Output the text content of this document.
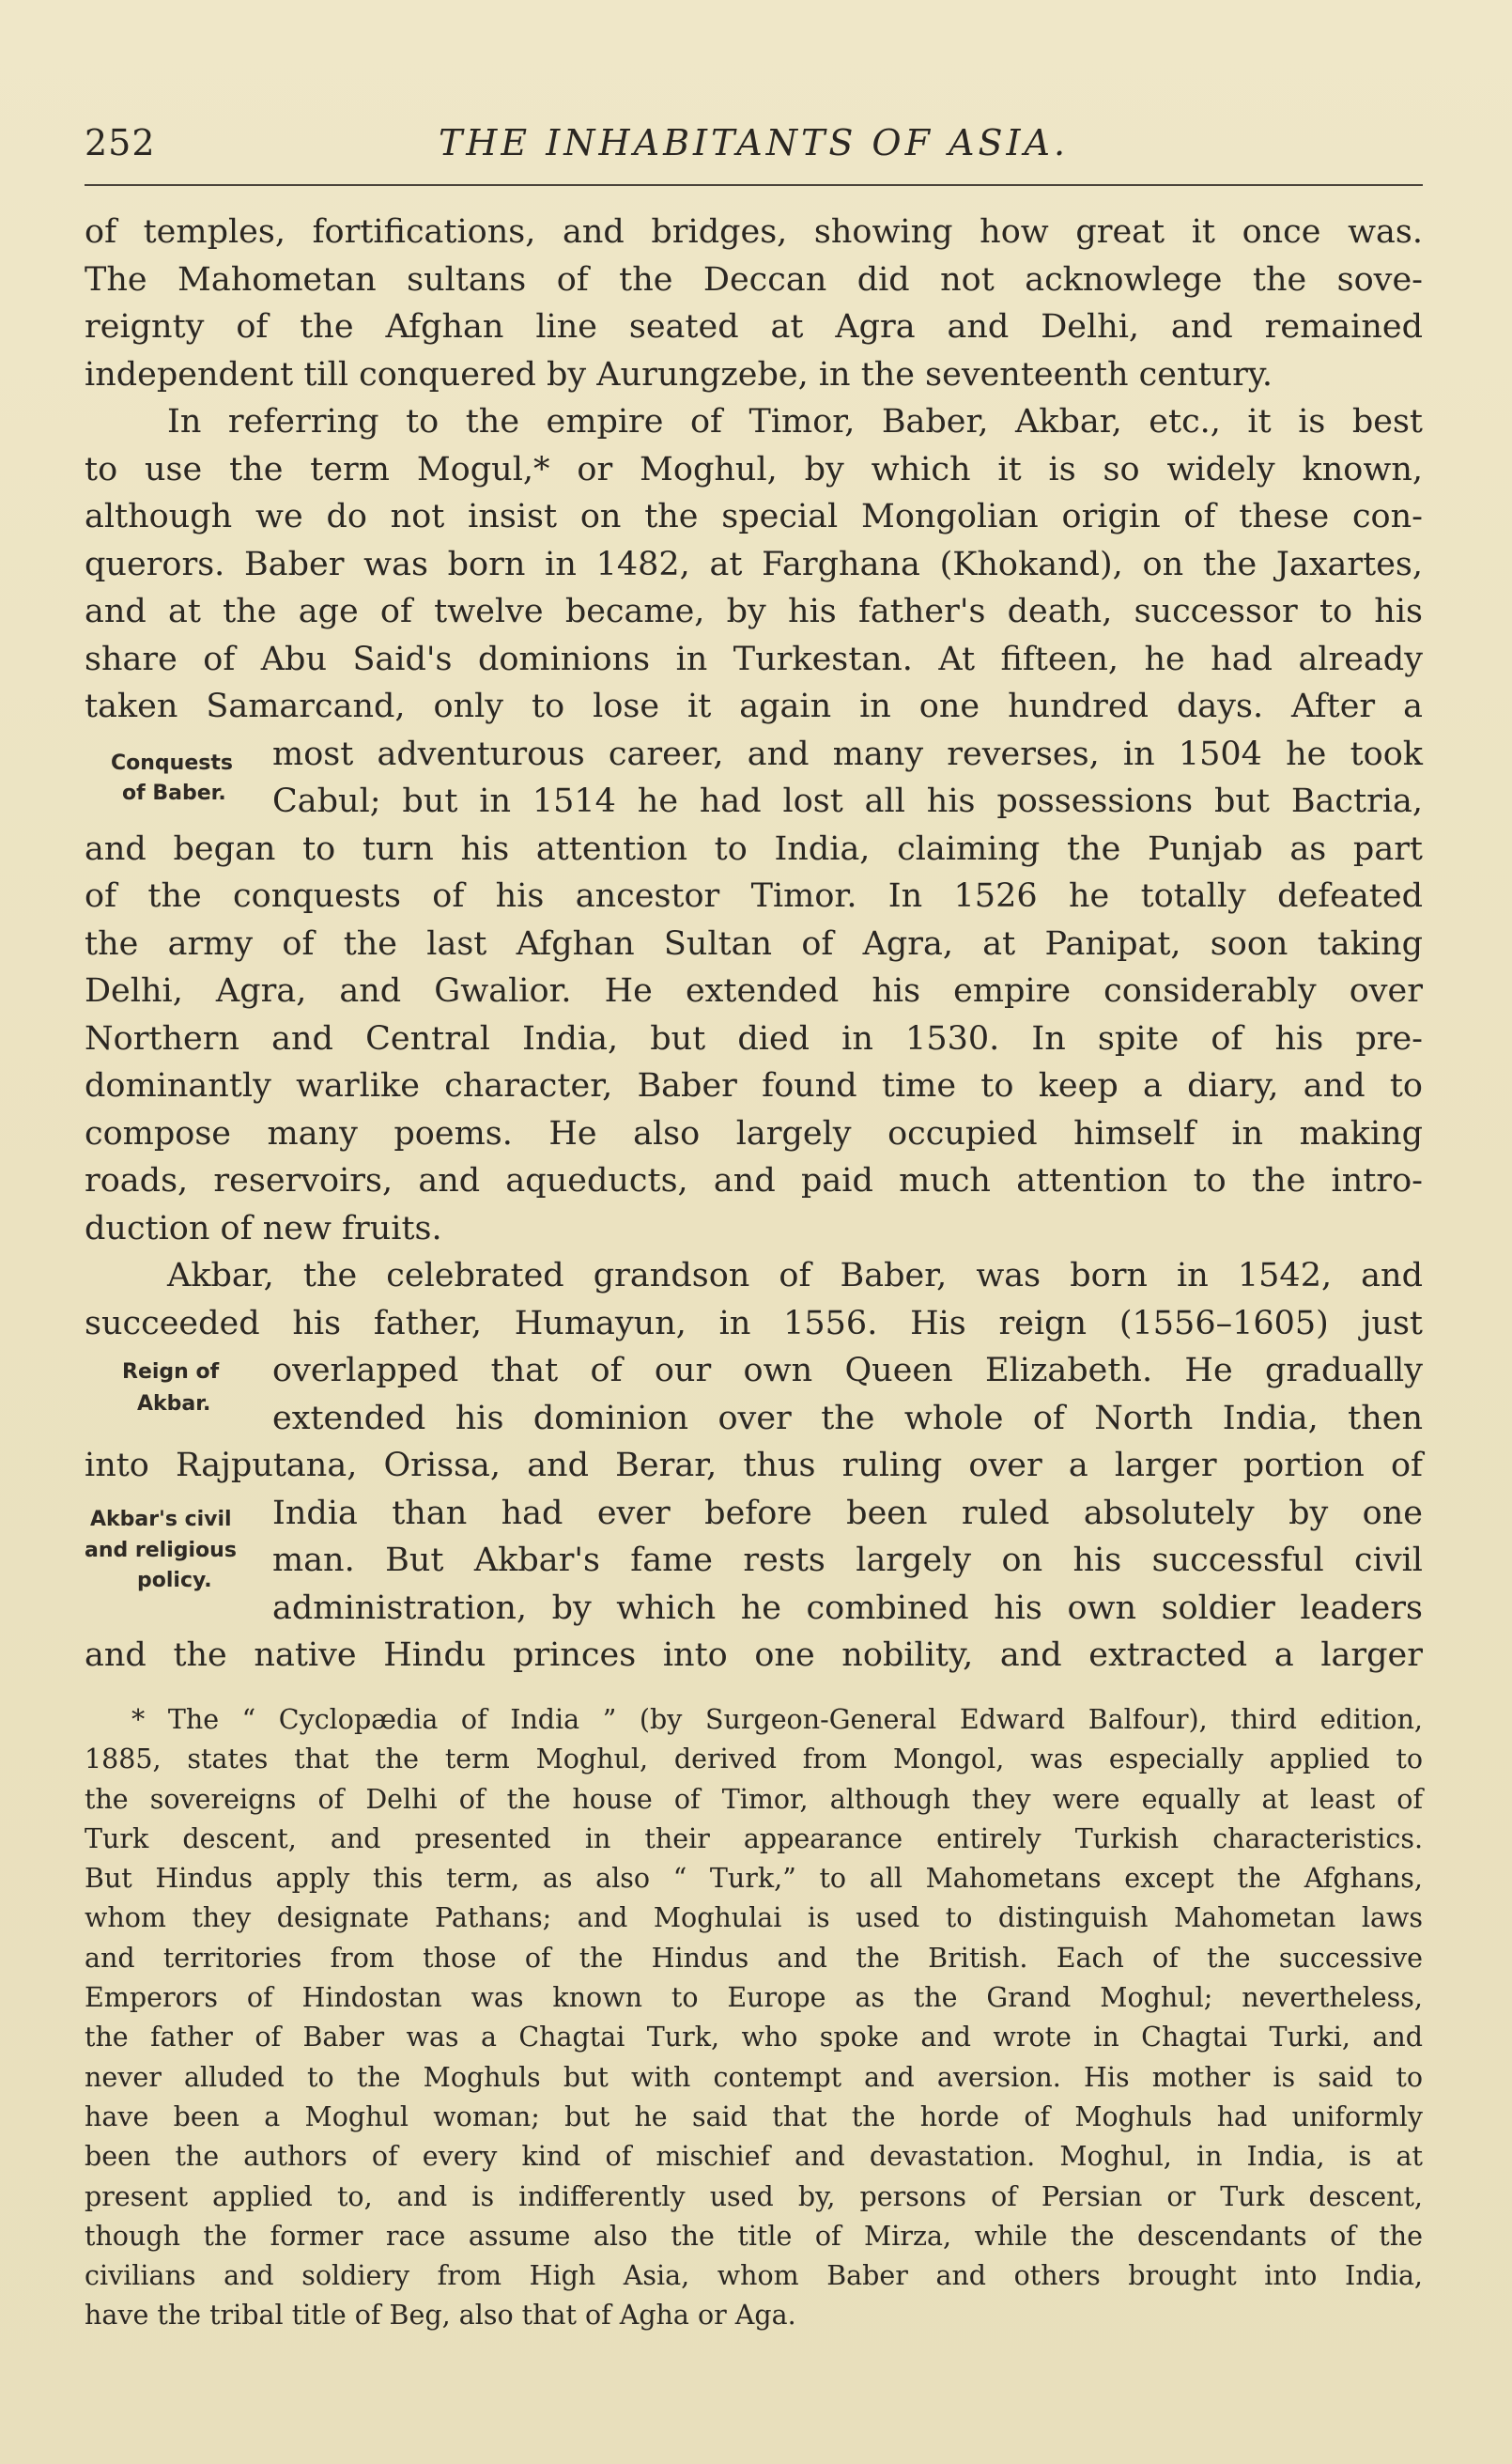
252	THE INHABITANTS OF ASIA.
of temples, fortifications, and bridges, showing how great it once was.
The Mahometan sultans of the Deccan did not acknowlege the sove-
reignty of the Afghan line seated at Agra and Delhi, and remained
independent till conquered by Aurungzebe, in the seventeenth century.
In referring to the empire of Timor, Baber, Akbar, etc., it is best
to use the term Mogul,* or Moghul, by which it is so widely known,
although we do not insist on the special Mongolian origin of these con-
querors. Baber was born in 1482, at Farghana (Khokand), on the Jaxartes,
and at the age of twelve became, by his father's death, successor to his
share of Abu Said's dominions in Turkestan. At fifteen, he had already
taken Samarcand, only to lose it again in one hundred days. After a
most adventurous career, and many reverses, in 1504 he took
Cabul; but in 1514 he had lost all his possessions but Bactria,
and began to turn his attention to India, claiming the Punjab as part
of the conquests of his ancestor Timor. In 1526 he totally defeated
the army of the last Afghan Sultan of Agra, at Panipat, soon taking
Delhi, Agra, and Gwalior. He extended his empire considerably over
Northern and Central India, but died in 1530. In spite of his pre-
dominantly warlike character, Baber found time to keep a diary, and to
compose many poems. He also largely occupied himself in making
roads, reservoirs, and aqueducts, and paid much attention to the intro-
duction of new fruits.
Akbar, the celebrated grandson of Baber, was born in 1542, and
succeeded his father, Humayun, in 1556. His reign (1556–1605) just
overlapped that of our own Queen Elizabeth. He gradually
extended his dominion over the whole of North India, then
into Rajputana, Orissa, and Berar, thus ruling over a larger portion of
India than had ever before been ruled absolutely by one
man. But Akbar's fame rests largely on his successful civil
administration, by which he combined his own soldier leaders
and the native Hindu princes into one nobility, and extracted a larger
Conquests
of Baber.
Reign of
Akbar.
Akbar's civil
and religious
policy.
* The “ Cyclopædia of India ” (by Surgeon-General Edward Balfour), third edition,
1885, states that the term Moghul, derived from Mongol, was especially applied to
the sovereigns of Delhi of the house of Timor, although they were equally at least of
Turk descent, and presented in their appearance entirely Turkish characteristics.
But Hindus apply this term, as also “ Turk,” to all Mahometans except the Afghans,
whom they designate Pathans; and Moghulai is used to distinguish Mahometan laws
and territories from those of the Hindus and the British. Each of the successive
Emperors of Hindostan was known to Europe as the Grand Moghul; nevertheless,
the father of Baber was a Chagtai Turk, who spoke and wrote in Chagtai Turki, and
never alluded to the Moghuls but with contempt and aversion. His mother is said to
have been a Moghul woman; but he said that the horde of Moghuls had uniformly
been the authors of every kind of mischief and devastation. Moghul, in India, is at
present applied to, and is indifferently used by, persons of Persian or Turk descent,
though the former race assume also the title of Mirza, while the descendants of the
civilians and soldiery from High Asia, whom Baber and others brought into India,
have the tribal title of Beg, also that of Agha or Aga.
